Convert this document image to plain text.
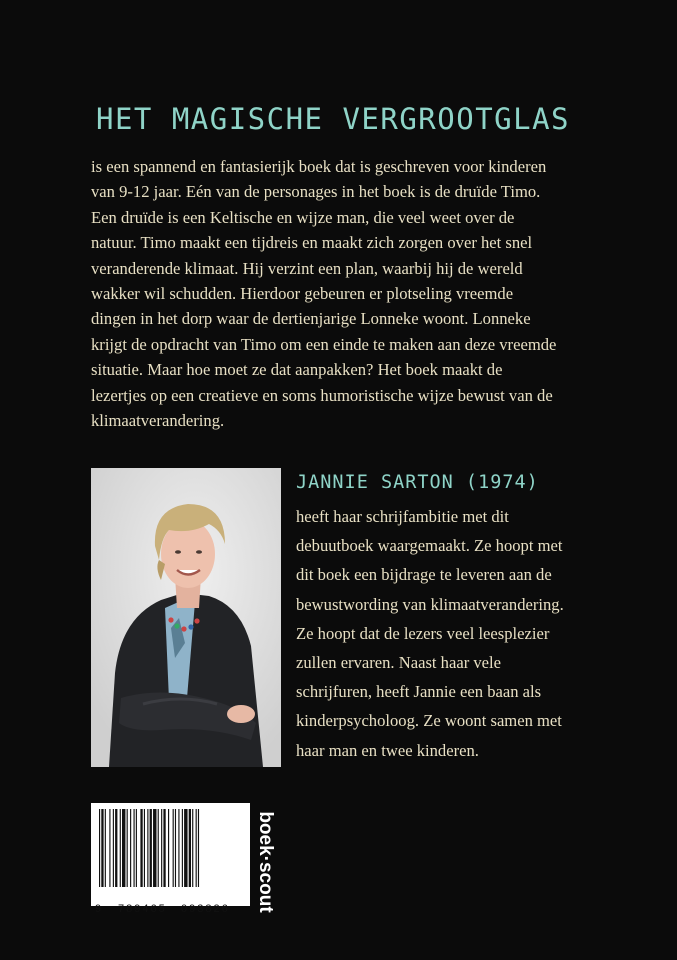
HET MAGISCHE VERGROOTGLAS
is een spannend en fantasierijk boek dat is geschreven voor kinderen
van 9-12 jaar. Eén van de personages in het boek is de druïde Timo.
Een druïde is een Keltische en wijze man, die veel weet over de
natuur. Timo maakt een tijdreis en maakt zich zorgen over het snel
veranderende klimaat. Hij verzint een plan, waarbij hij de wereld
wakker wil schudden. Hierdoor gebeuren er plotseling vreemde
dingen in het dorp waar de dertienjarige Lonneke woont. Lonneke
krijgt de opdracht van Timo om een einde te maken aan deze vreemde
situatie. Maar hoe moet ze dat aanpakken? Het boek maakt de
lezertjes op een creatieve en soms humoristische wijze bewust van de
klimaatverandering.
JANNIE SARTON (1974)
heeft haar schrijfambitie met dit
debuutboek waargemaakt. Ze hoopt met
dit boek een bijdrage te leveren aan de
bewustwording van klimaatverandering.
Ze hoopt dat de lezers veel leesplezier
zullen ervaren. Naast haar vele
schrijfuren, heeft Jannie een baan als
kinderpsycholoog. Ze woont samen met
haar man en twee kinderen.
9 789465 093826 boek·scout
